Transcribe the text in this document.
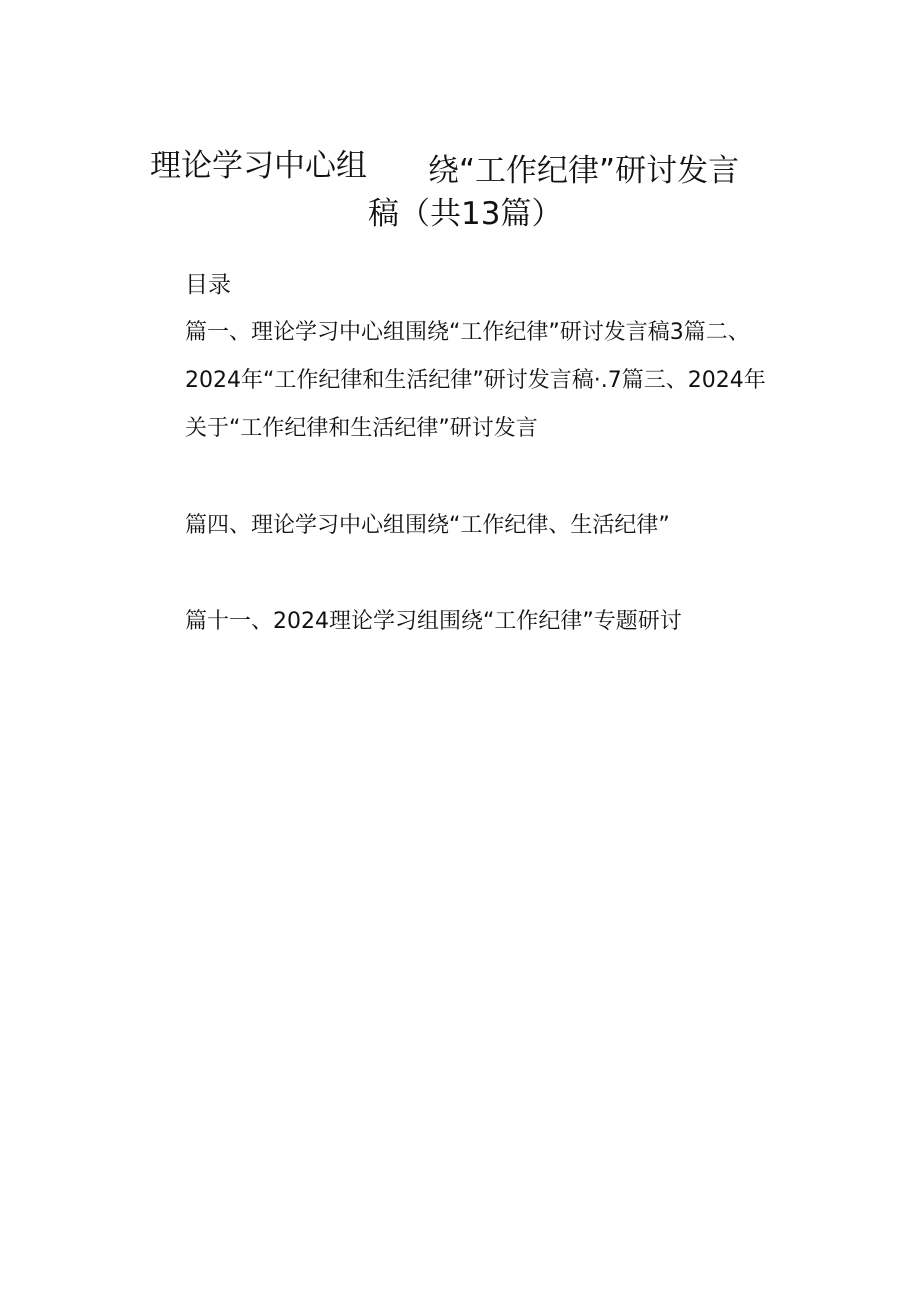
理论学习中心组 绕“工作纪律”研讨发言
稿（共13篇）
目录
篇一、理论学习中心组围绕“工作纪律”研讨发言稿3篇二、
2024年“工作纪律和生活纪律”研讨发言稿·.7篇三、2024年
关于“工作纪律和生活纪律”研讨发言
篇四、理论学习中心组围绕“工作纪律、生活纪律”
篇十一、2024理论学习组围绕“工作纪律”专题研讨
